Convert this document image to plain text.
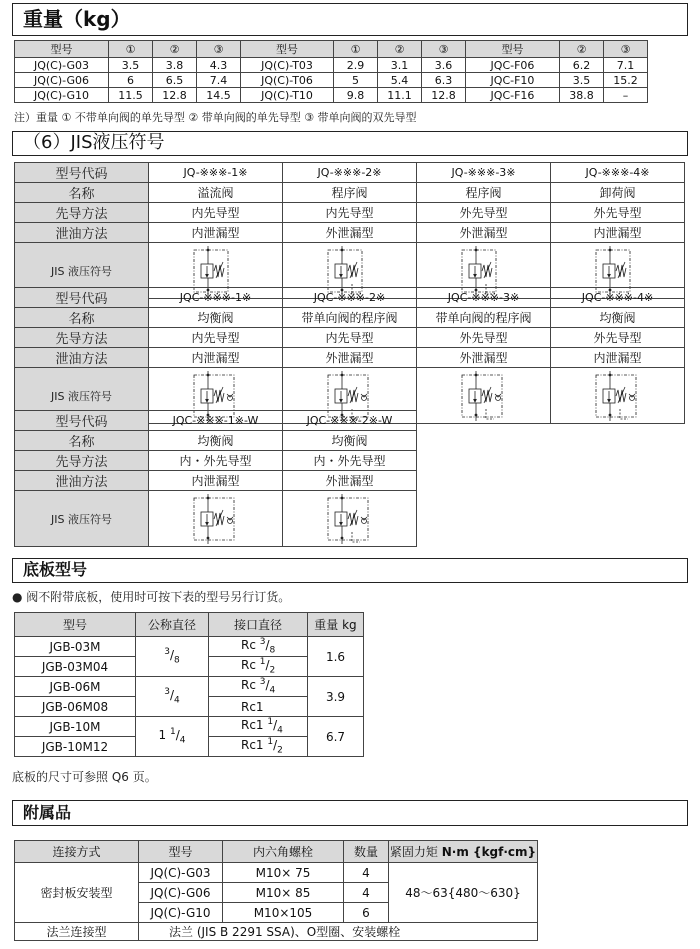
重量（kg）
型号	①	②	③	型号	①	②	③	型号	②	③
JQ(C)-G03	3.5	3.8	4.3	JQ(C)-T03	2.9	3.1	3.6	JQC-F06	6.2	7.1
JQ(C)-G06	6	6.5	7.4	JQ(C)-T06	5	5.4	6.3	JQC-F10	3.5	15.2
JQ(C)-G10	11.5	12.8	14.5	JQ(C)-T10	9.8	11.1	12.8	JQC-F16	38.8	–
注）重量 ① 不带单向阀的单先导型 ② 带单向阀的单先导型 ③ 带单向阀的双先导型
（6）JIS液压符号
型号代码	JQ-※※※-1※	JQ-※※※-2※	JQ-※※※-3※	JQ-※※※-4※
名称	溢流阀	程序阀	程序阀	卸荷阀
先导方法	内先导型	内先导型	外先导型	外先导型
泄油方法	内泄漏型	外泄漏型	外泄漏型	内泄漏型
JIS 液压符号	

型号代码	JQC-※※※-1※	JQC-※※※-2※	JQC-※※※-3※	JQC-※※※-4※
名称	均衡阀	带单向阀的程序阀	带单向阀的程序阀	均衡阀
先导方法	内先导型	内先导型	外先导型	外先导型
泄油方法	内泄漏型	外泄漏型	外泄漏型	内泄漏型
JIS 液压符号	

型号代码	JQC-※※※-1※-W	JQC-※※※-2※-W
名称	均衡阀	均衡阀
先导方法	内・外先导型	内・外先导型
泄油方法	内泄漏型	外泄漏型
JIS 液压符号	

底板型号
● 阀不附带底板，使用时可按下表的型号另行订货。
型号	公称直径	接口直径	重量 kg
JGB-03M	$^3/_8$	Rc $^3/_8$	1.6
JGB-03M04		Rc $^1/_2$
JGB-06M	$^3/_4$	Rc $^3/_4$	3.9
JGB-06M08		Rc1	
JGB-10M	1 $^1/_4$	Rc1 $^1/_4$	6.7
JGB-10M12		Rc1 $^1/_2$
底板的尺寸可参照 Q6 页。
附属品
连接方式	型号	内六角螺栓	数量	紧固力矩 N·m {kgf·cm}
密封板安装型	JQ(C)-G03	M10× 75	4	48～63{480～630}
	JQ(C)-G06	M10× 85	4	
	JQ(C)-G10	M10×105	6	
法兰连接型	法兰 (JIS B 2291 SSA)、O型圈、安装螺栓			
